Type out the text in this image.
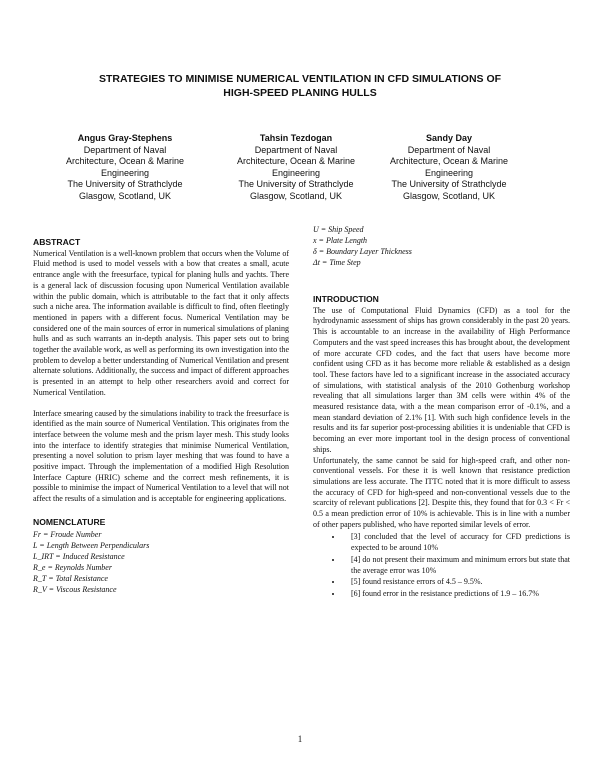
STRATEGIES TO MINIMISE NUMERICAL VENTILATION IN CFD SIMULATIONS OF
HIGH-SPEED PLANING HULLS
Angus Gray-Stephens
Department of Naval
Architecture, Ocean & Marine
Engineering
The University of Strathclyde
Glasgow, Scotland, UK
Tahsin Tezdogan
Department of Naval
Architecture, Ocean & Marine
Engineering
The University of Strathclyde
Glasgow, Scotland, UK
Sandy Day
Department of Naval
Architecture, Ocean & Marine
Engineering
The University of Strathclyde
Glasgow, Scotland, UK
ABSTRACT

Numerical Ventilation is a well-known problem that occurs when the Volume of Fluid method is used to model vessels with a bow that creates a small, acute entrance angle with the freesurface, typical for planing hulls and yachts. There is a general lack of discussion focusing upon Numerical Ventilation available within the public domain, which is attributable to the fact that it only affects such a niche area. The information available is difficult to find, often fleetingly mentioned in papers with a different focus. Numerical Ventilation may be considered one of the main sources of error in numerical simulations of planing hulls and as such warrants an in-depth analysis. This paper sets out to bring together the available work, as well as performing its own investigation into the problem to develop a better understanding of Numerical Ventilation and present alternate solutions. Additionally, the success and impact of different approaches is presented in an attempt to help other researchers avoid and correct for Numerical Ventilation.

Interface smearing caused by the simulations inability to track the freesurface is identified as the main source of Numerical Ventilation. This originates from the interface between the volume mesh and the prism layer mesh. This study looks into the interface to identify strategies that minimise Numerical Ventilation, presenting a novel solution to prism layer meshing that was found to have a positive impact. Through the implementation of a modified High Resolution Interface Capture (HRIC) scheme and the correct mesh refinements, it is possible to minimise the impact of Numerical Ventilation to a level that will not affect the results of a simulation and is acceptable for engineering applications.

NOMENCLATURE
Fr = Froude Number
L = Length Between Perpendiculars
L_IRT = Induced Resistance
R_e = Reynolds Number
R_T = Total Resistance
R_V = Viscous Resistance
U = Ship Speed
x = Plate Length
δ = Boundary Layer Thickness
Δt = Time Step
INTRODUCTION

The use of Computational Fluid Dynamics (CFD) as a tool for the hydrodynamic assessment of ships has grown considerably in the past 20 years. This is accountable to an increase in the availability of High Performance Computers and the vast speed increases this has brought about, the development of more accurate CFD codes, and the fact that users have become more confident using CFD as it has become more reliable & established as a design tool. These factors have led to a significant increase in the associated accuracy of simulations, with statistical analysis of the 2010 Gothenburg workshop revealing that all simulations larger than 3M cells were within 4% of the measured resistance data, with a the mean comparison error of -0.1%, and a mean standard deviation of 2.1% [1]. With such high confidence levels in the results and its far superior post-processing abilities it is undeniable that CFD is becoming an ever more important tool in the design process of conventional ships.

Unfortunately, the same cannot be said for high-speed craft, and other non-conventional vessels. For these it is well known that resistance prediction simulations are less accurate. The ITTC noted that it is more difficult to assess the accuracy of CFD for high-speed and non-conventional vessels due to the scarcity of relevant publications [2]. Despite this, they found that for 0.3 < Fr < 0.5 a mean prediction error of 10% is achievable. This is in line with a number of other papers published, who have reported similar levels of error.

• [3] concluded that the level of accuracy for CFD predictions is expected to be around 10%
• [4] do not present their maximum and minimum errors but state that the average error was 10%
• [5] found resistance errors of 4.5 – 9.5%.
• [6] found error in the resistance predictions of 1.9 – 16.7%
1
